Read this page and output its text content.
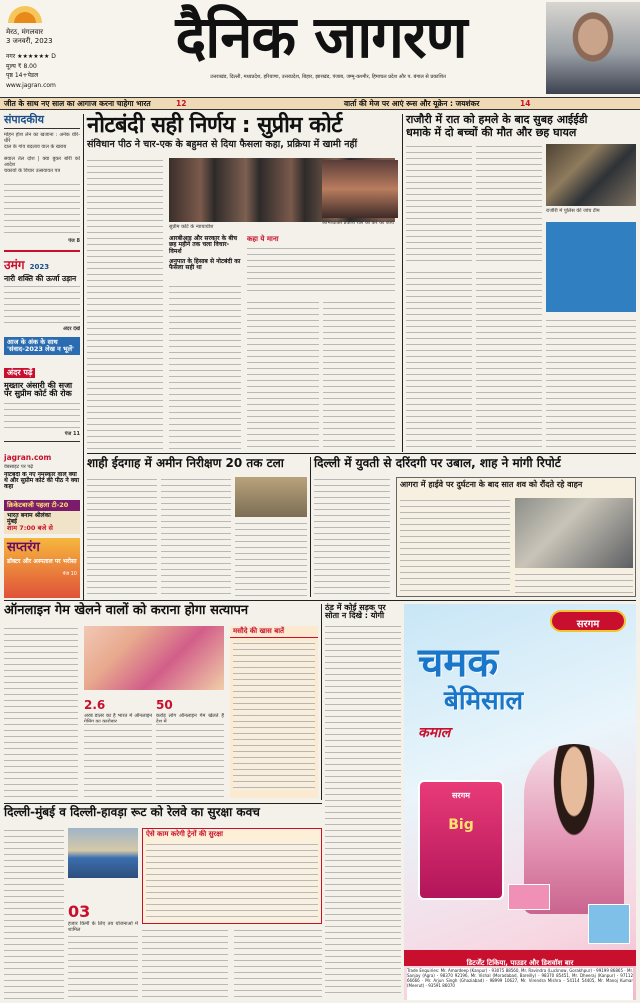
मेरठ, मंगलवार
3 जनवरी, 2023
नगर ★★★★★★ D
मूल्य ₹ 8.00
पृष्ठ 14+पेडल
www.jagran.com
दैनिक जागरण
उत्तराखंड, दिल्ली, मध्यप्रदेश, हरियाणा, उत्तरप्रदेश, बिहार, झारखंड, पंजाब, जम्मू-कश्मीर, हिमाचल प्रदेश और प. बंगाल से प्रकाशित
जीत के साथ नए साल का आगाज करना चाहेगा भारत	12	वार्ता की मेज पर आएं रूस और यूक्रेन : जयशंकर	14
संपादकीय
मोहन होश लेन का खजाना : अनेक धीरे-धीरे
दाल के गांव बदलाव वाल के खराब
सवाल तेल दोश | क्या बुकर बोरी को आदेश
चकायों के विचार उत्सवावत पत्र
पेज 8
उमंग 2023
नारी शक्ति की ऊर्जा उड़ान
अंदर देखें
आज के अंक के साथ
'संवाद-2023 लेख न भूलें'
अंदर पढ़ें
मुख्तार अंसारी की सजा पर सुप्रीम कोर्ट की रोक
पेज 11
jagran.com
वेबसाइट पर पढ़ें
नोटबंदी के नए नमस्कार वाले क्या थे और सुप्रीम कोर्ट की पीठ ने क्या कहा
क्रिकेटबाजी पहला टी-20
भारत बनाम श्रीलंका
मुंबई
शाम 7:00 बजे से
सप्तरंग
डॉक्टर और अस्पताल पर भरोसा
पेज 10
नोटबंदी सही निर्णय : सुप्रीम कोर्ट
संविधान पीठ ने चार-एक के बहुमत से दिया फैसला कहा, प्रक्रिया में खामी नहीं
सुप्रीम कोर्ट के न्यायाधीश
आरबीआइ और सरकार के बीच छह महीने तक चला विचार-विमर्श
अनुपात के हिसाब से नोटबंदी का फैसला सही था
कहा ये माना
अभिव्यक्ति प्रकाश रॉल को करें का कार्य
राजौरी में रात को हमले के बाद सुबह आईईडी
धमाके में दो बच्चों की मौत और छह घायल
राजौरी में पुलिस की जांच टीम
शाही ईदगाह में अमीन निरीक्षण 20 तक टला	दिल्ली में युवती से दरिंदगी पर उबाल, शाह ने मांगी रिपोर्ट
आगरा में हाईवे पर दुर्घटना के बाद सात शव को रौंदते रहे वाहन
ऑनलाइन गेम खेलने वालों को कराना होगा सत्यापन
2.6
अरब डालर का है भारत में ऑनलाइन
50
करोड़ लोग ऑनलाइन गेम खेलते हैं
मसौदे की खास बातें
ठंड में कोई सड़क पर
सोता न दिखे : योगी
सरगम
चमक
बेमिसाल
कमाल
सरगम
Big
डिटर्जेंट टिकिया, पाउडर और डिशवॉश बार
Trade Enquiries: Mr. Amardeep (Kanpur) - 93075 88560, Mr. Ravindra (Lucknow, Gorakhpur) - 99199 86865 · Mr. Sanjay (Agra) - 98370 92196, Mr. Vishal (Moradabad, Bareilly) - 98370 85451, Mr. Dheeraj (Kanpur) - 97112 66666 · Mr. Arjun Singh (Ghaziabad) - 98999 10627, Mr. Virendra Mishra - 54114 54405, Mr. Manoj Kumar (Meerut) - 93591 86070
दिल्ली-मुंबई व दिल्ली-हावड़ा रूट को रेलवे का सुरक्षा कवच
03
हजार किमी के लिए तय योजनाओं में शामिल
ऐसे काम करेगी ट्रेनों की सुरक्षा
